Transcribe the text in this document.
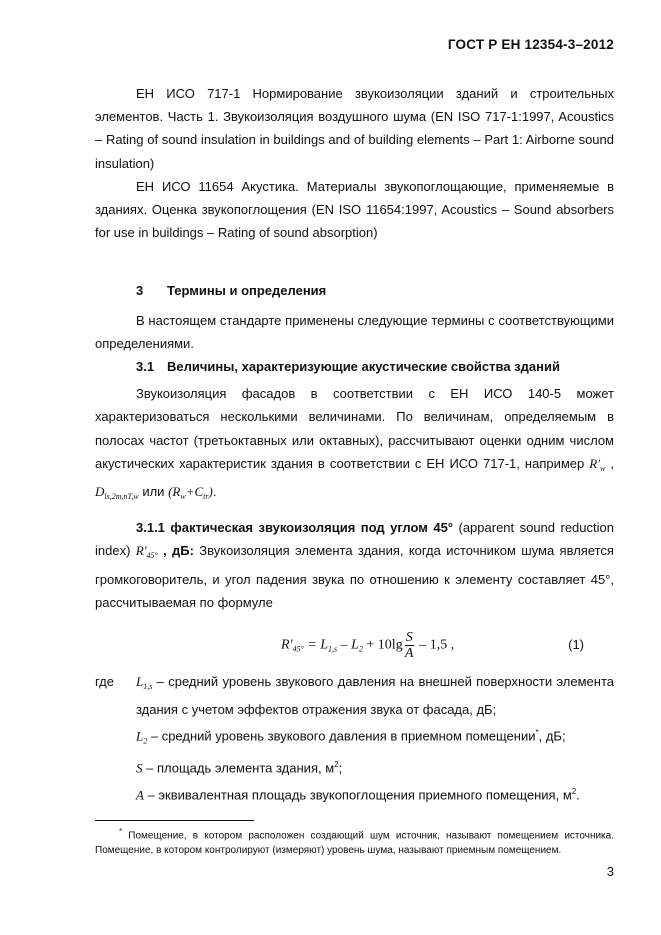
ГОСТ Р ЕН 12354-3–2012

ЕН ИСО 717-1 Нормирование звукоизоляции зданий и строительных элементов. Часть 1. Звукоизоляция воздушного шума (EN ISO 717-1:1997, Acoustics – Rating of sound insulation in buildings and of building elements – Part 1: Airborne sound insulation)

ЕН ИСО 11654 Акустика. Материалы звукопоглощающие, применяемые в зданиях. Оценка звукопоглощения (EN ISO 11654:1997, Acoustics – Sound absorbers for use in buildings – Rating of sound absorption)

3 Термины и определения

В настоящем стандарте применены следующие термины с соответствующими определениями.

3.1 Величины, характеризующие акустические свойства зданий

Звукоизоляция фасадов в соответствии с ЕН ИСО 140-5 может характеризоваться несколькими величинами. По величинам, определяемым в полосах частот (третьоктавных или октавных), рассчитывают оценки одним числом акустических характеристик здания в соответствии с ЕН ИСО 717-1, например $R'_w$ , $D_{ls,2m,nT,w}$ или $(R_w+C_{tr})$.

3.1.1 фактическая звукоизоляция под углом 45° (apparent sound reduction index) $R'_{45^\circ}$ , дБ: Звукоизоляция элемента здания, когда источником шума является громкоговоритель, и угол падения звука по отношению к элементу составляет 45°, рассчитываемая по формуле

$R'_{45^\circ} = L_{1,s} - L_2 + 10\lg \frac{S}{A} - 1,5$ ,	(1)
где	$L_{1,s}$ – средний уровень звукового давления на внешней поверхности элемента здания с учетом эффектов отражения звука от фасада, дБ;

$L_2$ – средний уровень звукового давления в приемном помещении*, дБ;

S – площадь элемента здания, $м^2$;

A – эквивалентная площадь звукопоглощения приемного помещения, $м^2$.

* Помещение, в котором расположен создающий шум источник, называют помещением источника. Помещение, в котором контролируют (измеряют) уровень шума, называют приемным помещением.

3
